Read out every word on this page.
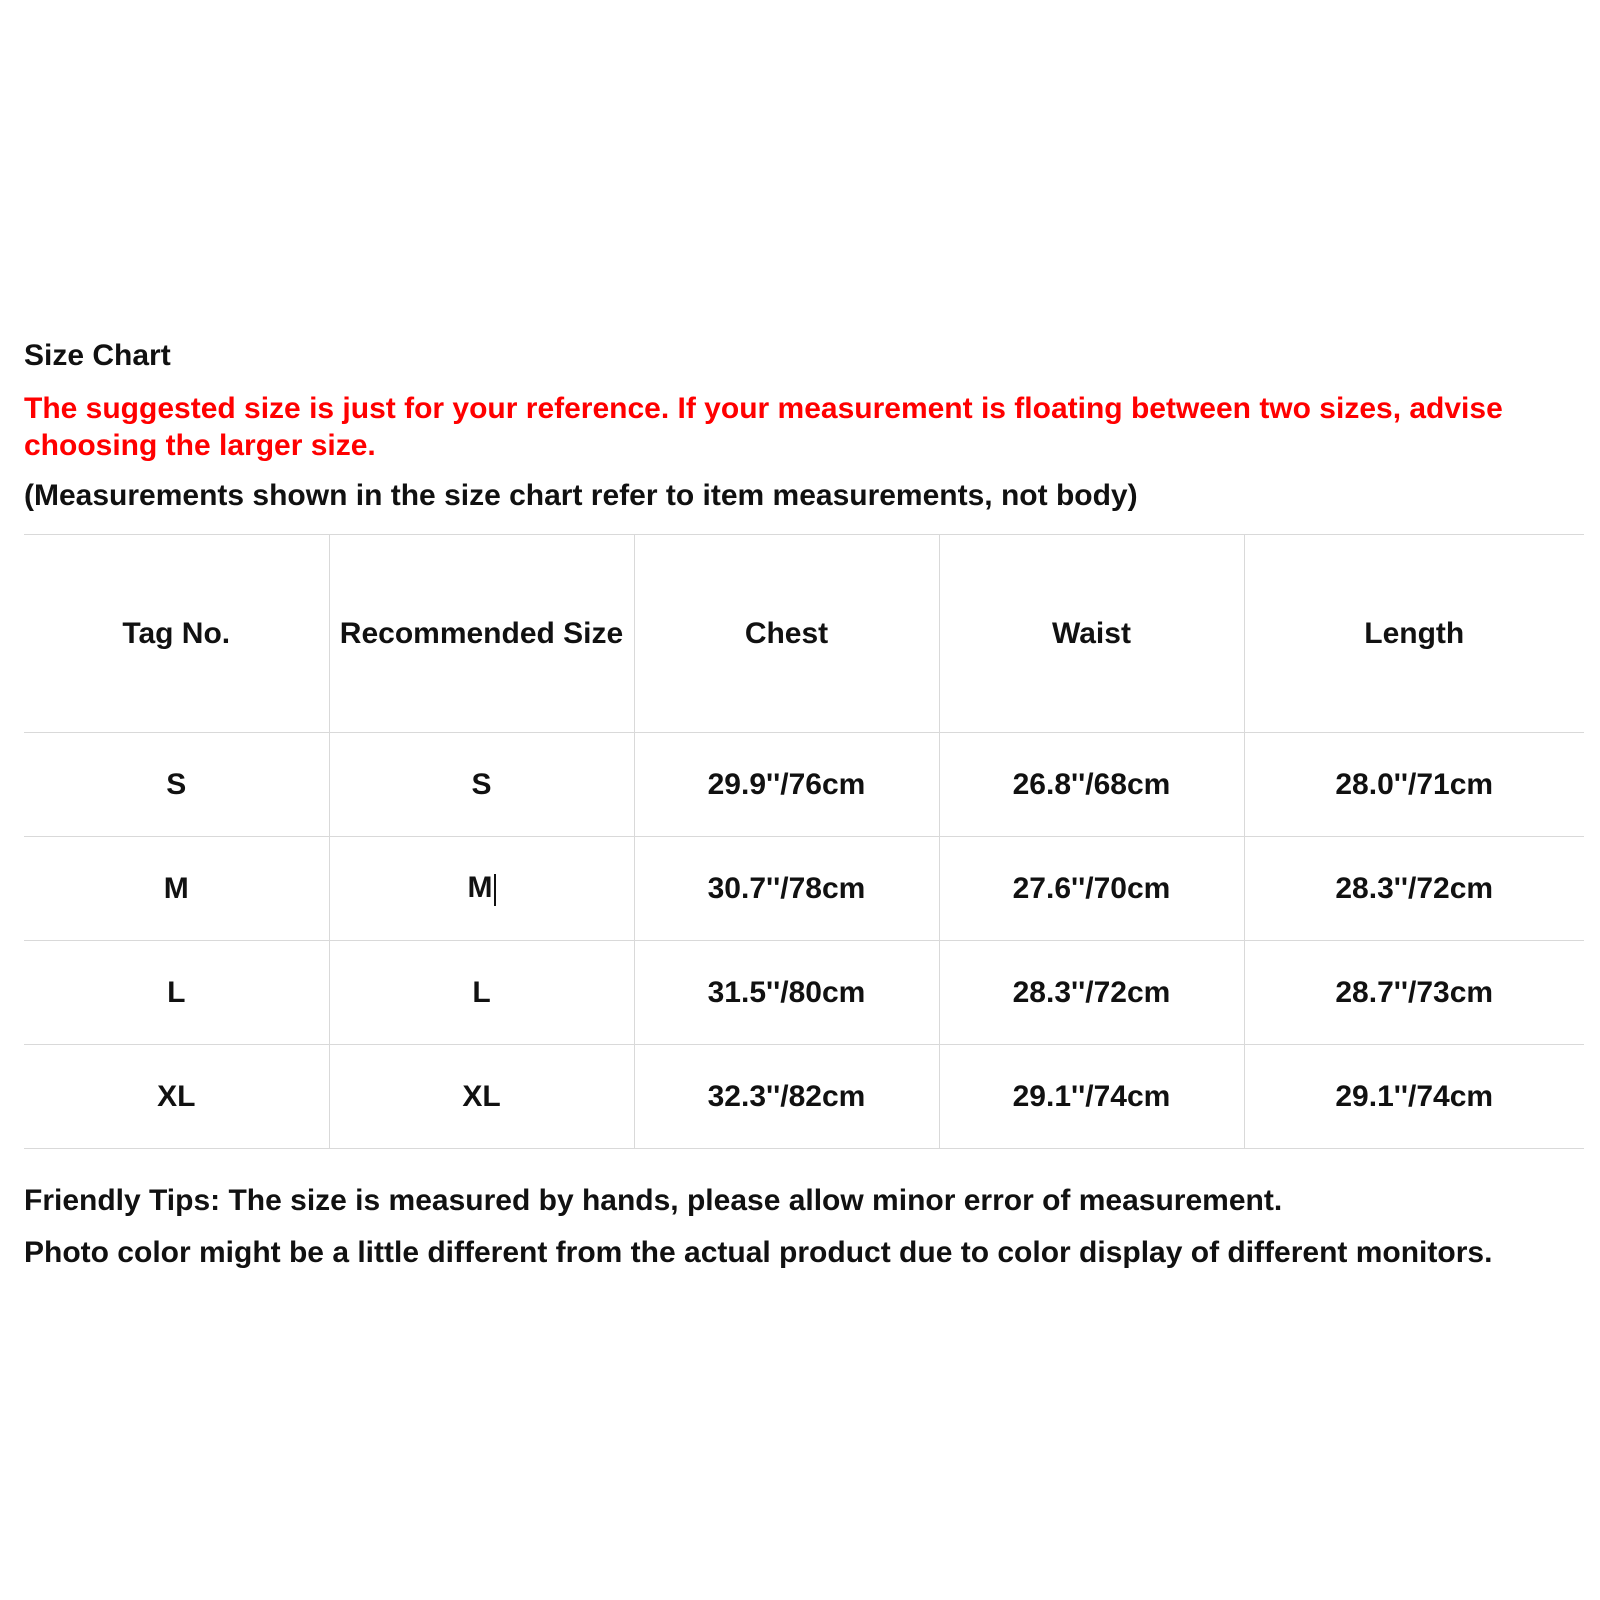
Size Chart

The suggested size is just for your reference. If your measurement is floating between two sizes, advise choosing the larger size.

(Measurements shown in the size chart refer to item measurements, not body)

Tag No.	Recommended Size	Chest	Waist	Length
S	S	29.9''/76cm	26.8''/68cm	28.0''/71cm
M	M	30.7''/78cm	27.6''/70cm	28.3''/72cm
L	L	31.5''/80cm	28.3''/72cm	28.7''/73cm
XL	XL	32.3''/82cm	29.1''/74cm	29.1''/74cm
Friendly Tips: The size is measured by hands, please allow minor error of measurement.
Photo color might be a little different from the actual product due to color display of different monitors.
